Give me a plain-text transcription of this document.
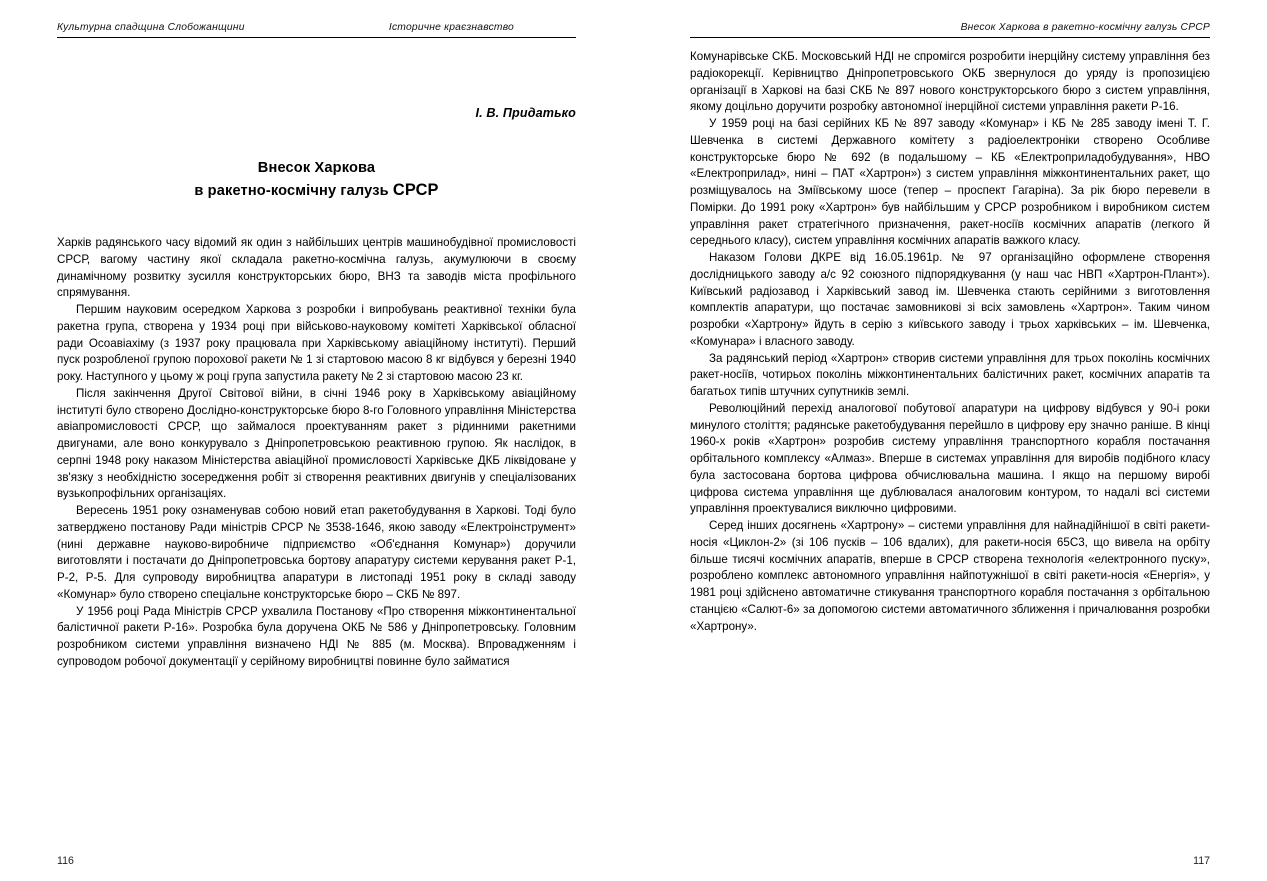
Культурна спадщина Слобожанщини	Історичне краєзнавство
І. В. Придатько
Внесок Харкова
в ракетно-космічну галузь СРСР

Харків радянського часу відомий як один з найбільших центрів машинобудівної промисловості СРСР, вагому частину якої складала ракетно-космічна галузь, акумулюючи в своєму динамічному розвитку зусилля конструкторських бюро, ВНЗ та заводів міста профільного спрямування.

Першим науковим осередком Харкова з розробки і випробувань реактивної техніки була ракетна група, створена у 1934 році при військово-науковому комітеті Харківської обласної ради Осоавіахіму (з 1937 року працювала при Харківському авіаційному інституті). Перший пуск розробленої групою порохової ракети № 1 зі стартовою масою 8 кг відбувся у березні 1940 року. Наступного у цьому ж році група запустила ракету № 2 зі стартовою масою 23 кг.

Після закінчення Другої Світової війни, в січні 1946 року в Харківському авіаційному інституті було створено Дослідно-конструкторське бюро 8-го Головного управління Міністерства авіапромисловості СРСР, що займалося проектуванням ракет з рідинними ракетними двигунами, але воно конкурувало з Дніпропетровською реактивною групою. Як наслідок, в серпні 1948 року наказом Міністерства авіаційної промисловості Харківське ДКБ ліквідоване у зв'язку з необхідністю зосередження робіт зі створення реактивних двигунів у спеціалізованих вузькопрофільних організаціях.

Вересень 1951 року ознаменував собою новий етап ракетобудування в Харкові. Тоді було затверджено постанову Ради міністрів СРСР № 3538-1646, якою заводу «Електроінструмент» (нині державне науково-виробниче підприємство «Об'єднання Комунар») доручили виготовляти і постачати до Дніпропетровська бортову апаратуру системи керування ракет Р-1, Р-2, Р-5. Для супроводу виробництва апаратури в листопаді 1951 року в складі заводу «Комунар» було створено спеціальне конструкторське бюро – СКБ № 897.

У 1956 році Рада Міністрів СРСР ухвалила Постанову «Про створення міжконтинентальної балістичної ракети Р-16». Розробка була доручена ОКБ № 586 у Дніпропетровську. Головним розробником системи управління визначено НДІ № 885 (м. Москва). Впровадженням і супроводом робочої документації у серійному виробництві повинне було займатися

116
Внесок Харкова в ракетно-космічну галузь СРСР

Комунарівське СКБ. Московський НДІ не спромігся розробити інерційну систему управління без радіокорекції. Керівництво Дніпропетровського ОКБ звернулося до уряду із пропозицією організації в Харкові на базі СКБ № 897 нового конструкторського бюро з систем управління, якому доцільно доручити розробку автономної інерційної системи управління ракети Р-16.

У 1959 році на базі серійних КБ № 897 заводу «Комунар» і КБ № 285 заводу імені Т. Г. Шевченка в системі Державного комітету з радіоелектроніки створено Особливе конструкторське бюро № 692 (в подальшому – КБ «Електроприладобудування», НВО «Електроприлад», нині – ПАТ «Хартрон») з систем управління міжконтинентальних ракет, що розміщувалось на Зміївському шосе (тепер – проспект Гагаріна). За рік бюро перевели в Помірки. До 1991 року «Хартрон» був найбільшим у СРСР розробником і виробником систем управління ракет стратегічного призначення, ракет-носіїв космічних апаратів (легкого й середнього класу), систем управління космічних апаратів важкого класу.

Наказом Голови ДКРЕ від 16.05.1961р. № 97 організаційно оформлене створення дослідницького заводу а/с 92 союзного підпорядкування (у наш час НВП «Хартрон-Плант»). Київський радіозавод і Харківський завод ім. Шевченка стають серійними з виготовлення комплектів апаратури, що постачає замовникові зі всіх замовлень «Хартрон». Таким чином розробки «Хартрону» йдуть в серію з київського заводу і трьох харківських – ім. Шевченка, «Комунара» і власного заводу.

За радянський період «Хартрон» створив системи управління для трьох поколінь космічних ракет-носіїв, чотирьох поколінь міжконтинентальних балістичних ракет, космічних апаратів та багатьох типів штучних супутників землі.

Революційний перехід аналогової побутової апаратури на цифрову відбувся у 90-і роки минулого століття; радянське ракетобудування перейшло в цифрову еру значно раніше. В кінці 1960-х років «Хартрон» розробив систему управління транспортного корабля постачання орбітального комплексу «Алмаз». Вперше в системах управління для виробів подібного класу була застосована бортова цифрова обчислювальна машина. І якщо на першому виробі цифрова система управління ще дублювалася аналоговим контуром, то надалі всі системи управління проектувалися виключно цифровими.

Серед інших досягнень «Хартрону» – системи управління для найнадійнішої в світі ракети-носія «Циклон-2» (зі 106 пусків – 106 вдалих), для ракети-носія 65С3, що вивела на орбіту більше тисячі космічних апаратів, вперше в СРСР створена технологія «електронного пуску», розроблено комплекс автономного управління найпотужнішої в світі ракети-носія «Енергія», у 1981 році здійснено автоматичне стикування транспортного корабля постачання з орбітальною станцією «Салют-6» за допомогою системи автоматичного зближення і причалювання розробки «Хартрону».

117
